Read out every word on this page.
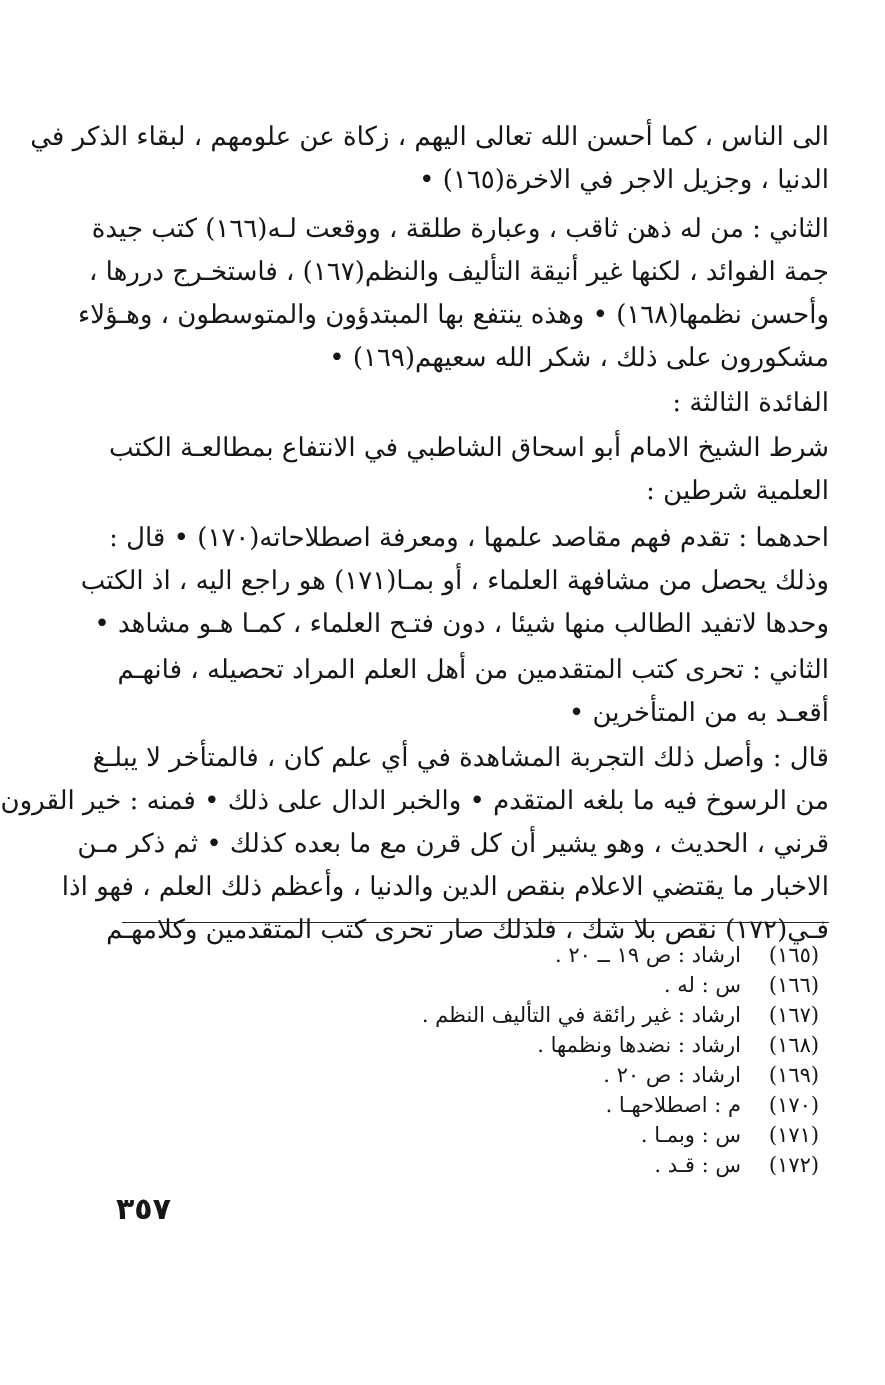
الى الناس ، كما أحسن الله تعالى اليهم ، زكاة عن علومهم ، لبقاء الذكر في
الدنيا ، وجزيل الاجر في الاخرة(١٦٥) •
الثاني : من له ذهن ثاقب ، وعبارة طلقة ، ووقعت لـه(١٦٦) كتب جيدة
جمة الفوائد ، لكنها غير أنيقة التأليف والنظم(١٦٧) ، فاستخـرج دررها ،
وأحسن نظمها(١٦٨) • وهذه ينتفع بها المبتدؤون والمتوسطون ، وهـؤلاء
مشكورون على ذلك ، شكر الله سعيهم(١٦٩) •
الفائدة الثالثة :
شرط الشيخ الامام أبو اسحاق الشاطبي في الانتفاع بمطالعـة الكتب
العلمية شرطين :
احدهما : تقدم فهم مقاصد علمها ، ومعرفة اصطلاحاته(١٧٠) • قال :
وذلك يحصل من مشافهة العلماء ، أو بمـا(١٧١) هو راجع اليه ، اذ الكتب
وحدها لاتفيد الطالب منها شيئا ، دون فتـح العلماء ، كمـا هـو مشاهد •
الثاني : تحرى كتب المتقدمين من أهل العلم المراد تحصيله ، فانهـم
أقعـد به من المتأخرين •
قال : وأصل ذلك التجربة المشاهدة في أي علم كان ، فالمتأخر لا يبلـغ
من الرسوخ فيه ما بلغه المتقدم • والخبر الدال على ذلك • فمنه : خير القرون
قرني ، الحديث ، وهو يشير أن كل قرن مع ما بعده كذلك • ثم ذكر مـن
الاخبار ما يقتضي الاعلام بنقص الدين والدنيا ، وأعظم ذلك العلم ، فهو اذا
فـي(١٧٢) نقص بلا شك ، فلذلك صار تحرى كتب المتقدمين وكلامهـم
(١٦٥)
ارشاد : ص ١٩ ــ ٢٠ .
(١٦٦)
س : له .
(١٦٧)
ارشاد : غير رائقة في التأليف النظم .
(١٦٨)
ارشاد : نضدها ونظمها .
(١٦٩)
ارشاد : ص ٢٠ .
(١٧٠)
م : اصطلاحهـا .
(١٧١)
س : وبمـا .
(١٧٢)
س : قـد .
٣٥٧
